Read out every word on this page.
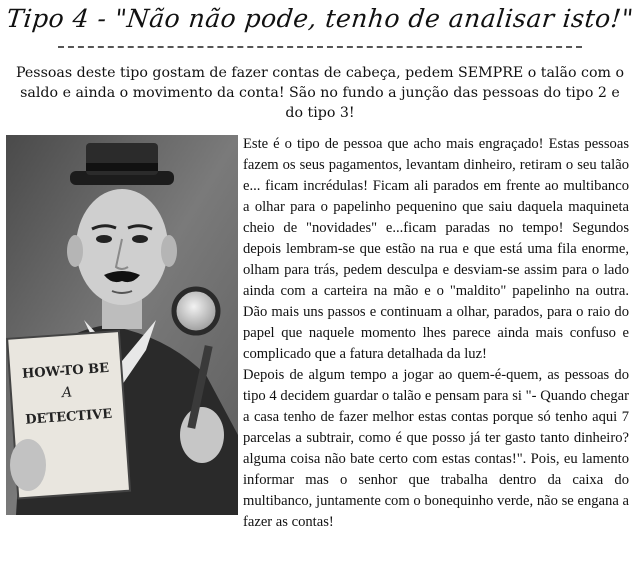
Tipo 4 - "Não não pode, tenho de analisar isto!"
Pessoas deste tipo gostam de fazer contas de cabeça, pedem SEMPRE o talão com o saldo e ainda o movimento da conta! São no fundo a junção das pessoas do tipo 2 e do tipo 3!
HOW-TO BE
A
DETECTIVE

Este é o tipo de pessoa que acho mais engraçado! Estas pessoas fazem os seus pagamentos, levantam dinheiro, retiram o seu talão e... ficam incrédulas! Ficam ali parados em frente ao multibanco a olhar para o papelinho pequenino que saiu daquela maquineta cheio de "novidades" e...ficam paradas no tempo! Segundos depois lembram-se que estão na rua e que está uma fila enorme, olham para trás, pedem desculpa e desviam-se assim para o lado ainda com a carteira na mão e o "maldito" papelinho na outra. Dão mais uns passos e continuam a olhar, parados, para o raio do papel que naquele momento lhes parece ainda mais confuso e complicado que a fatura detalhada da luz!

Depois de algum tempo a jogar ao quem-é-quem, as pessoas do tipo 4 decidem guardar o talão e pensam para si "- Quando chegar a casa tenho de fazer melhor estas contas porque só tenho aqui 7 parcelas a subtrair, como é que posso já ter gasto tanto dinheiro? alguma coisa não bate certo com estas contas!". Pois, eu lamento informar mas o senhor que trabalha dentro da caixa do multibanco, juntamente com o bonequinho verde, não se engana a fazer as contas!
